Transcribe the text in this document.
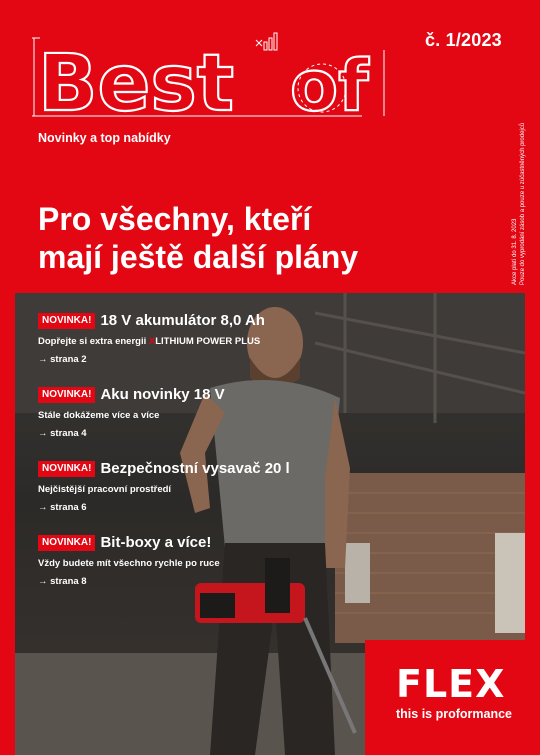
Best of
Novinky a top nabídky
č. 1/2023
Akce platí do 31. 8. 2023 Pouze do vyprodání zásob a pouze u zúčastněných prodejců
Pro všechny, kteří
mají ještě další plány
NOVINKA! 18 V akumulátor 8,0 Ah
Dopřejte si extra energii XLITHIUM POWER PLUS
→ strana 2
NOVINKA! Aku novinky 18 V
Stále dokážeme více a více
→ strana 4
NOVINKA! Bezpečnostní vysavač 20 l
Nejčistější pracovní prostředí
→ strana 6
NOVINKA! Bit-boxy a více!
Vždy budete mít všechno rychle po ruce
→ strana 8
FLEX
this is proformance
